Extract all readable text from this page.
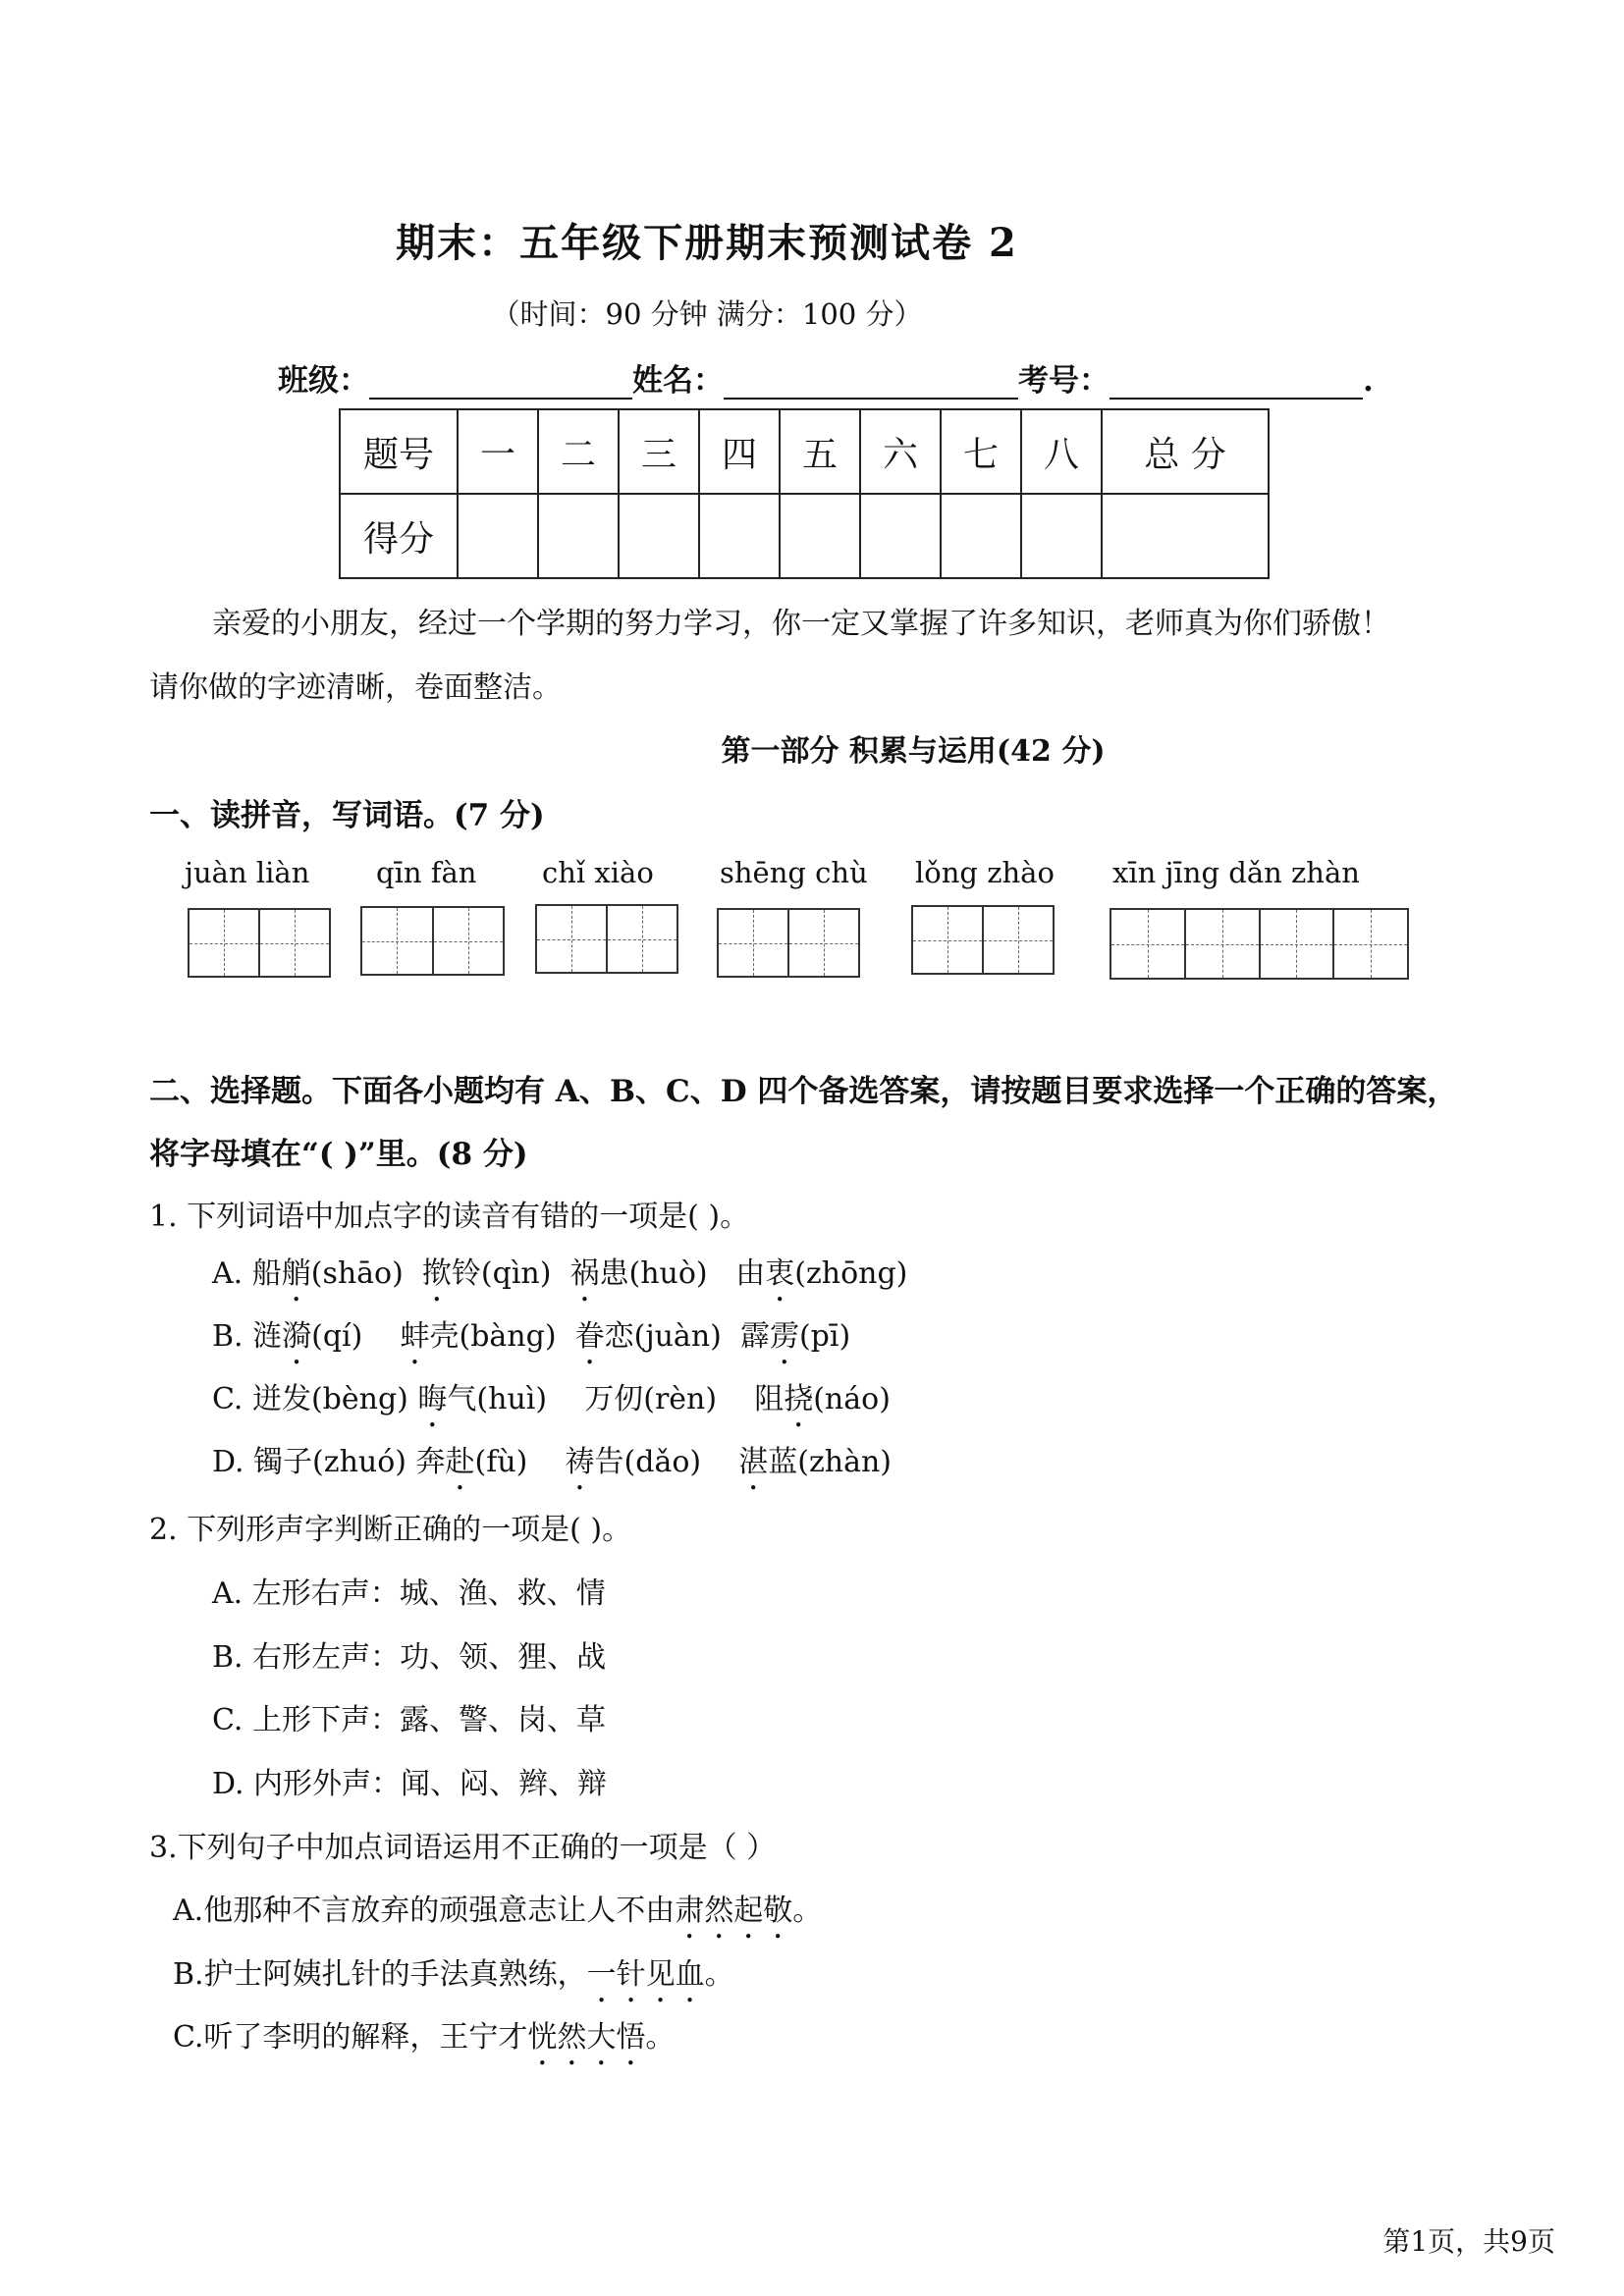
期末：五年级下册期末预测试卷 2
（时间：90 分钟 满分：100 分）
班级：	姓名：	考号：	.
题号	一	二	三	四	五	六	七	八	总 分
得分									
亲爱的小朋友，经过一个学期的努力学习，你一定又掌握了许多知识，老师真为你们骄傲！
请你做的字迹清晰，卷面整洁。
第一部分 积累与运用(42 分)
一、读拼音，写词语。(7 分)
juàn liàn qīn fàn chǐ xiào shēng chù lǒng zhào xīn jīng dǎn zhàn
二、选择题。下面各小题均有 A、B、C、D 四个备选答案，请按题目要求选择一个正确的答案，
将字母填在“( )”里。(8 分)
1. 下列词语中加点字的读音有错的一项是( )。
A. 船艄(shāo) 揿铃(qìn) 祸患(huò) 由衷(zhōng)
B. 涟漪(qí) 蚌壳(bàng) 眷恋(juàn) 霹雳(pī)
C. 迸发(bèng) 晦气(huì) 万仞(rèn) 阻挠(náo)
D. 镯子(zhuó) 奔赴(fù) 祷告(dǎo) 湛蓝(zhàn)
2. 下列形声字判断正确的一项是( )。
A. 左形右声：城、渔、救、情
B. 右形左声：功、领、狸、战
C. 上形下声：露、警、岗、草
D. 内形外声：闻、闷、辫、辩
3.下列句子中加点词语运用不正确的一项是（ ）
A.他那种不言放弃的顽强意志让人不由肃然起敬。
B.护士阿姨扎针的手法真熟练，一针见血。
C.听了李明的解释，王宁才恍然大悟。
第1页，共9页
